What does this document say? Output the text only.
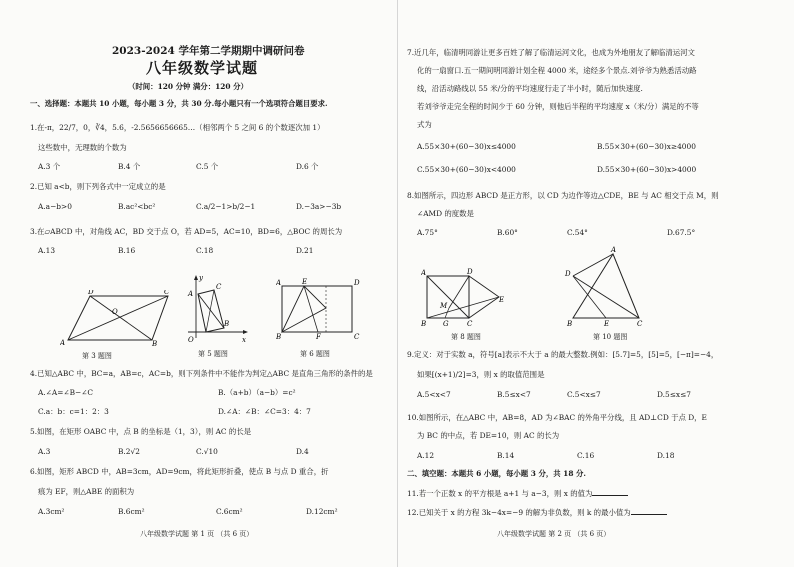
2023-2024 学年第二学期期中调研问卷
八年级数学试题
（时间：120 分钟 满分：120 分）
一、选择题：本题共 10 小题，每小题 3 分，共 30 分.每小题只有一个选项符合题目要求.
1.在-π，22/7，0，∛4，5.6，-2.5656656665…（相邻两个 5 之间 6 的个数逐次加 1）
这些数中，无理数的个数为
A.3 个	B.4 个	C.5 个	D.6 个
2.已知 a<b，则下列各式中一定成立的是
A.a−b>0	B.ac²<bc²	C.a/2−1>b/2−1	D.−3a>−3b
3.在▱ABCD 中，对角线 AC，BD 交于点 O，若 AD=5，AC=10，BD=6，△BOC 的周长为
A.13	B.16	C.18	D.21
D	C
O
A	B
第 3 题图
y
A
C
B
O	x
第 5 题图
A	D
B	C
E
F
第 6 题图
4.已知△ABC 中，BC=a，AB=c，AC=b，则下列条件中不能作为判定△ABC 是直角三角形的条件的是
A.∠A=∠B−∠C	B.（a+b）（a−b）=c²
C.a：b：c=1：2：3	D.∠A：∠B：∠C=3：4：7
5.如图，在矩形 OABC 中，点 B 的坐标是（1，3），则 AC 的长是
A.3	B.2√2	C.√10	D.4
6.如图，矩形 ABCD 中，AB=3cm，AD=9cm，将此矩形折叠，使点 B 与点 D 重合，折
痕为 EF，则△ABE 的面积为
A.3cm²	B.6cm²	C.6cm²	D.12cm²
八年级数学试题 第 1 页 （共 6 页）
7.近几年，临清明同游让更多百姓了解了临清运河文化，也成为外地朋友了解临清运河文
化的一扇窗口.五一期间明同游计划全程 4000 米，途经多个景点.刘爷爷为熟悉活动路
线，沿活动路线以 55 米/分的平均速度行走了半小时，随后加快速度.
若刘爷爷走完全程的时间少于 60 分钟，则他后半程的平均速度 x（米/分）满足的不等
式为
A.55×30+(60−30)x≤4000	B.55×30+(60−30)x≥4000
C.55×30+(60−30)x<4000	D.55×30+(60−30)x>4000
8.如图所示，四边形 ABCD 是正方形，以 CD 为边作等边△CDE，BE 与 AC 相交于点 M，则
∠AMD 的度数是
A.75°	B.60°	C.54°	D.67.5°
A	D
M
E
B G	C
第 8 题图
A
D
B	E	C
第 10 题图
9.定义：对于实数 a，符号[a]表示不大于 a 的最大整数.例如：[5.7]=5，[5]=5，[−π]=−4，
如果[(x+1)/2]=3，则 x 的取值范围是
A.5<x<7	B.5≤x<7	C.5<x≤7	D.5≤x≤7
10.如图所示，在△ABC 中，AB=8，AD 为∠BAC 的外角平分线，且 AD⊥CD 于点 D，E
为 BC 的中点，若 DE=10，则 AC 的长为
A.12	B.14	C.16	D.18
二、填空题：本题共 6 小题，每小题 3 分，共 18 分.
11.若一个正数 x 的平方根是 a+1 与 a−3，则 x 的值为
12.已知关于 x 的方程 3k−4x=−9 的解为非负数，则 k 的最小值为
八年级数学试题 第 2 页 （共 6 页）
